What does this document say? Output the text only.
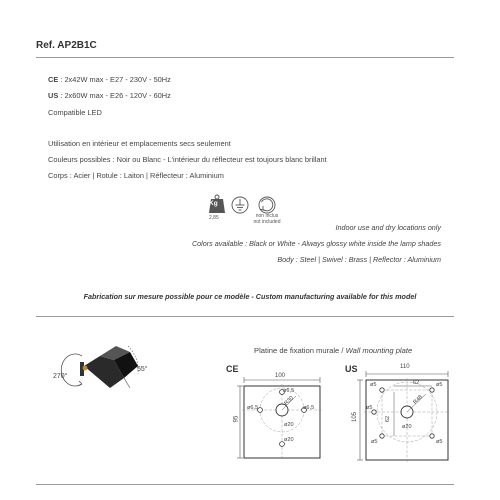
Ref. AP2B1C
CE : 2x42W max - E27 - 230V - 50Hz
US : 2x60W max - E26 - 120V - 60Hz
Compatible LED
Utilisation en intérieur et emplacements secs seulement
Couleurs possibles : Noir ou Blanc - L'intérieur du réflecteur est toujours blanc brillant
Corps : Acier | Rotule : Laiton | Réflecteur : Aluminium
Kg
2,85	non inclus
not included
Indoor use and dry locations only
Colors available : Black or White - Always glossy white inside the lamp shades
Body : Steel | Swivel : Brass | Reflector : Aluminium
Fabrication sur mesure possible pour ce modèle - Custom manufacturing available for this model
270°
55°
Platine de fixation murale / Wall mounting plate
CE	US
100
95
ø6,5
ø6,5	ø6,5
R30
ø20
ø20
110
105
62
62
ø5	ø5
ø5	ø5
ø5
R48
ø20
